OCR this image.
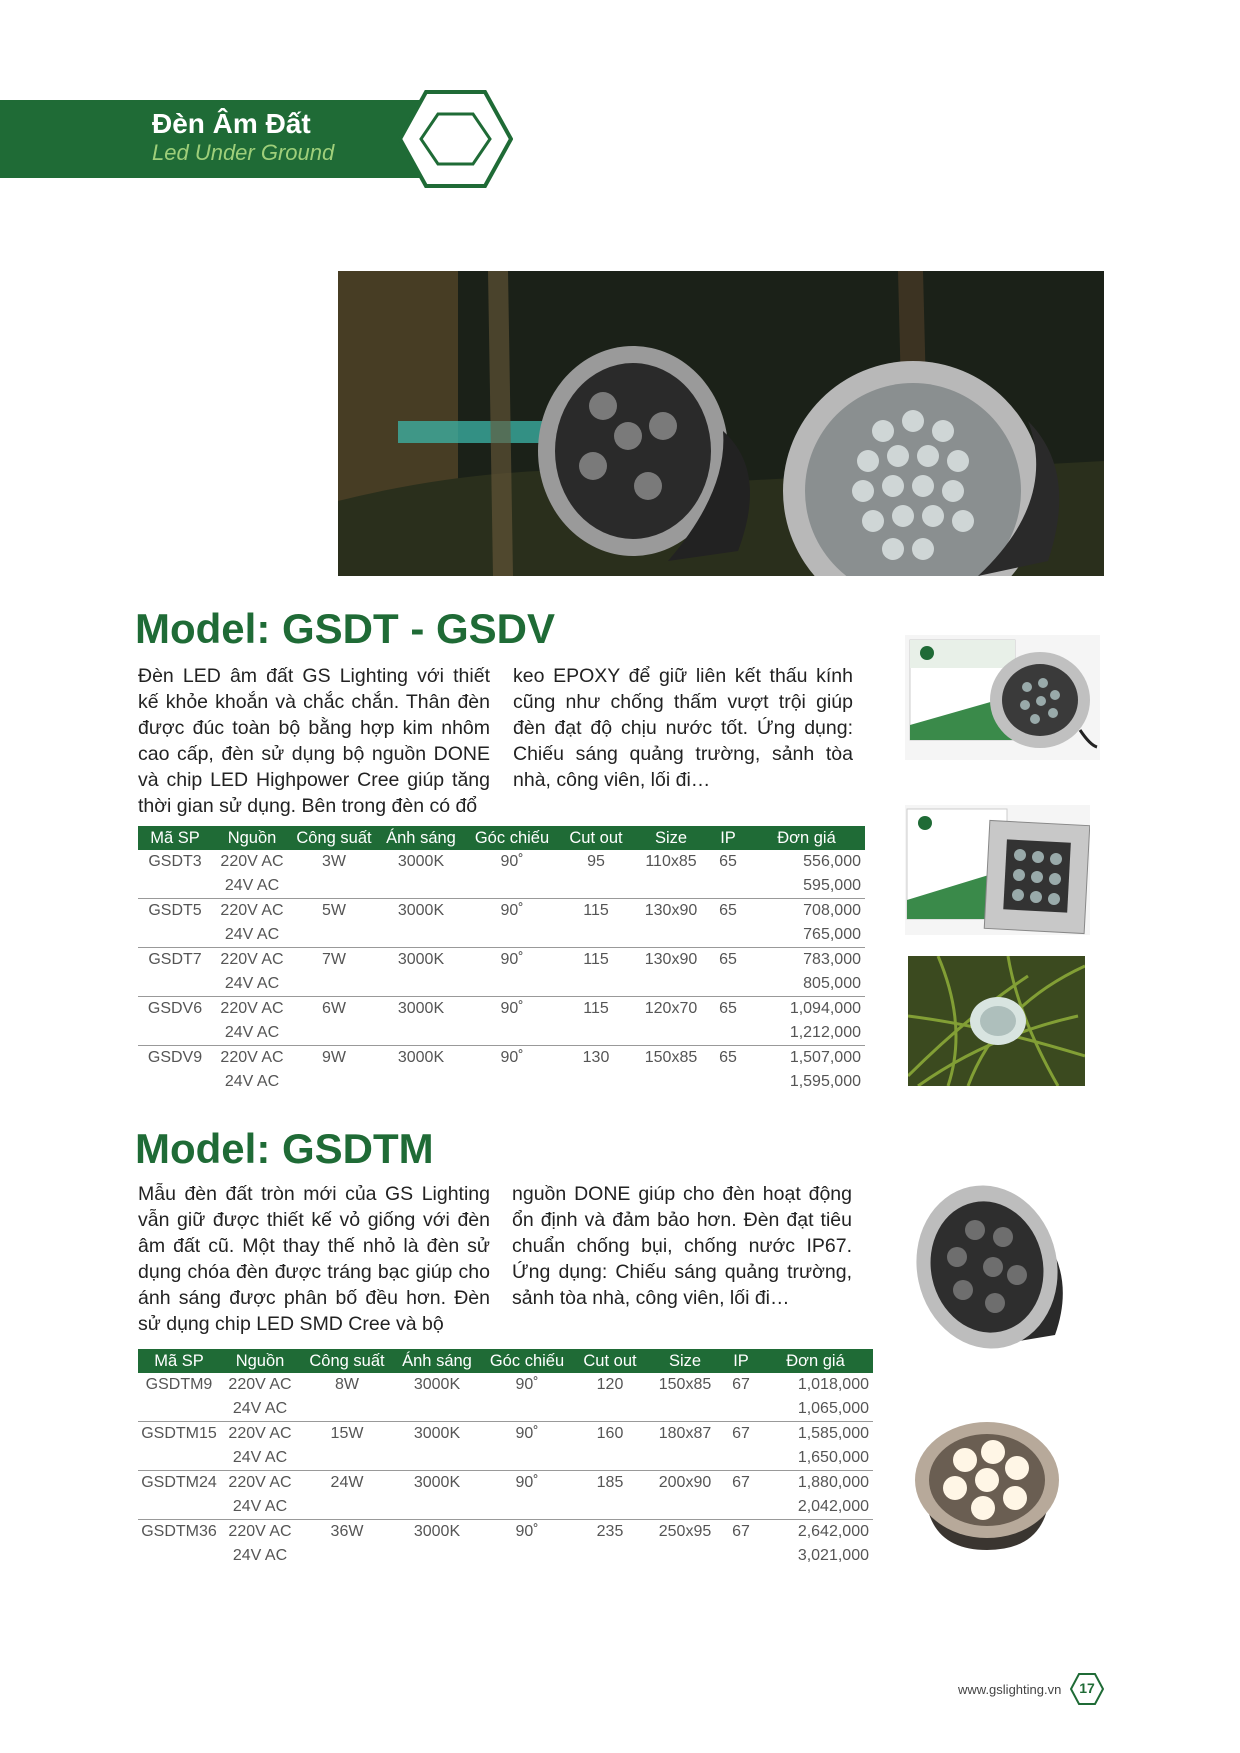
Đèn Âm Đất
Led Under Ground
Model: GSDT - GSDV
Đèn LED âm đất GS Lighting với thiết kế khỏe khoắn và chắc chắn. Thân đèn được đúc toàn bộ bằng hợp kim nhôm cao cấp, đèn sử dụng bộ nguồn DONE và chip LED Highpower Cree giúp tăng thời gian sử dụng. Bên trong đèn có đổ
keo EPOXY để giữ liên kết thấu kính cũng như chống thấm vượt trội giúp đèn đạt độ chịu nước tốt. Ứng dụng: Chiếu sáng quảng trường, sảnh tòa nhà, công viên, lối đi…
Mã SP	Nguồn	Công suất	Ánh sáng	Góc chiếu	Cut out	Size	IP	Đơn giá
GSDT3	220V AC	3W	3000K	90˚	95	110x85	65	556,000
	24V AC							595,000
GSDT5	220V AC	5W	3000K	90˚	115	130x90	65	708,000
	24V AC							765,000
GSDT7	220V AC	7W	3000K	90˚	115	130x90	65	783,000
	24V AC							805,000
GSDV6	220V AC	6W	3000K	90˚	115	120x70	65	1,094,000
	24V AC							1,212,000
GSDV9	220V AC	9W	3000K	90˚	130	150x85	65	1,507,000
	24V AC							1,595,000
Model: GSDTM
Mẫu đèn đất tròn mới của GS Lighting vẫn giữ được thiết kế vỏ giống với đèn âm đất cũ. Một thay thế nhỏ là đèn sử dụng chóa đèn được tráng bạc giúp cho ánh sáng được phân bố đều hơn. Đèn sử dụng chip LED SMD Cree và bộ
nguồn DONE giúp cho đèn hoạt động ổn định và đảm bảo hơn. Đèn đạt tiêu chuẩn chống bụi, chống nước IP67. Ứng dụng: Chiếu sáng quảng trường, sảnh tòa nhà, công viên, lối đi…
Mã SP	Nguồn	Công suất	Ánh sáng	Góc chiếu	Cut out	Size	IP	Đơn giá
GSDTM9	220V AC	8W	3000K	90˚	120	150x85	67	1,018,000
	24V AC							1,065,000
GSDTM15	220V AC	15W	3000K	90˚	160	180x87	67	1,585,000
	24V AC							1,650,000
GSDTM24	220V AC	24W	3000K	90˚	185	200x90	67	1,880,000
	24V AC							2,042,000
GSDTM36	220V AC	36W	3000K	90˚	235	250x95	67	2,642,000
	24V AC							3,021,000
www.gslighting.vn	17
